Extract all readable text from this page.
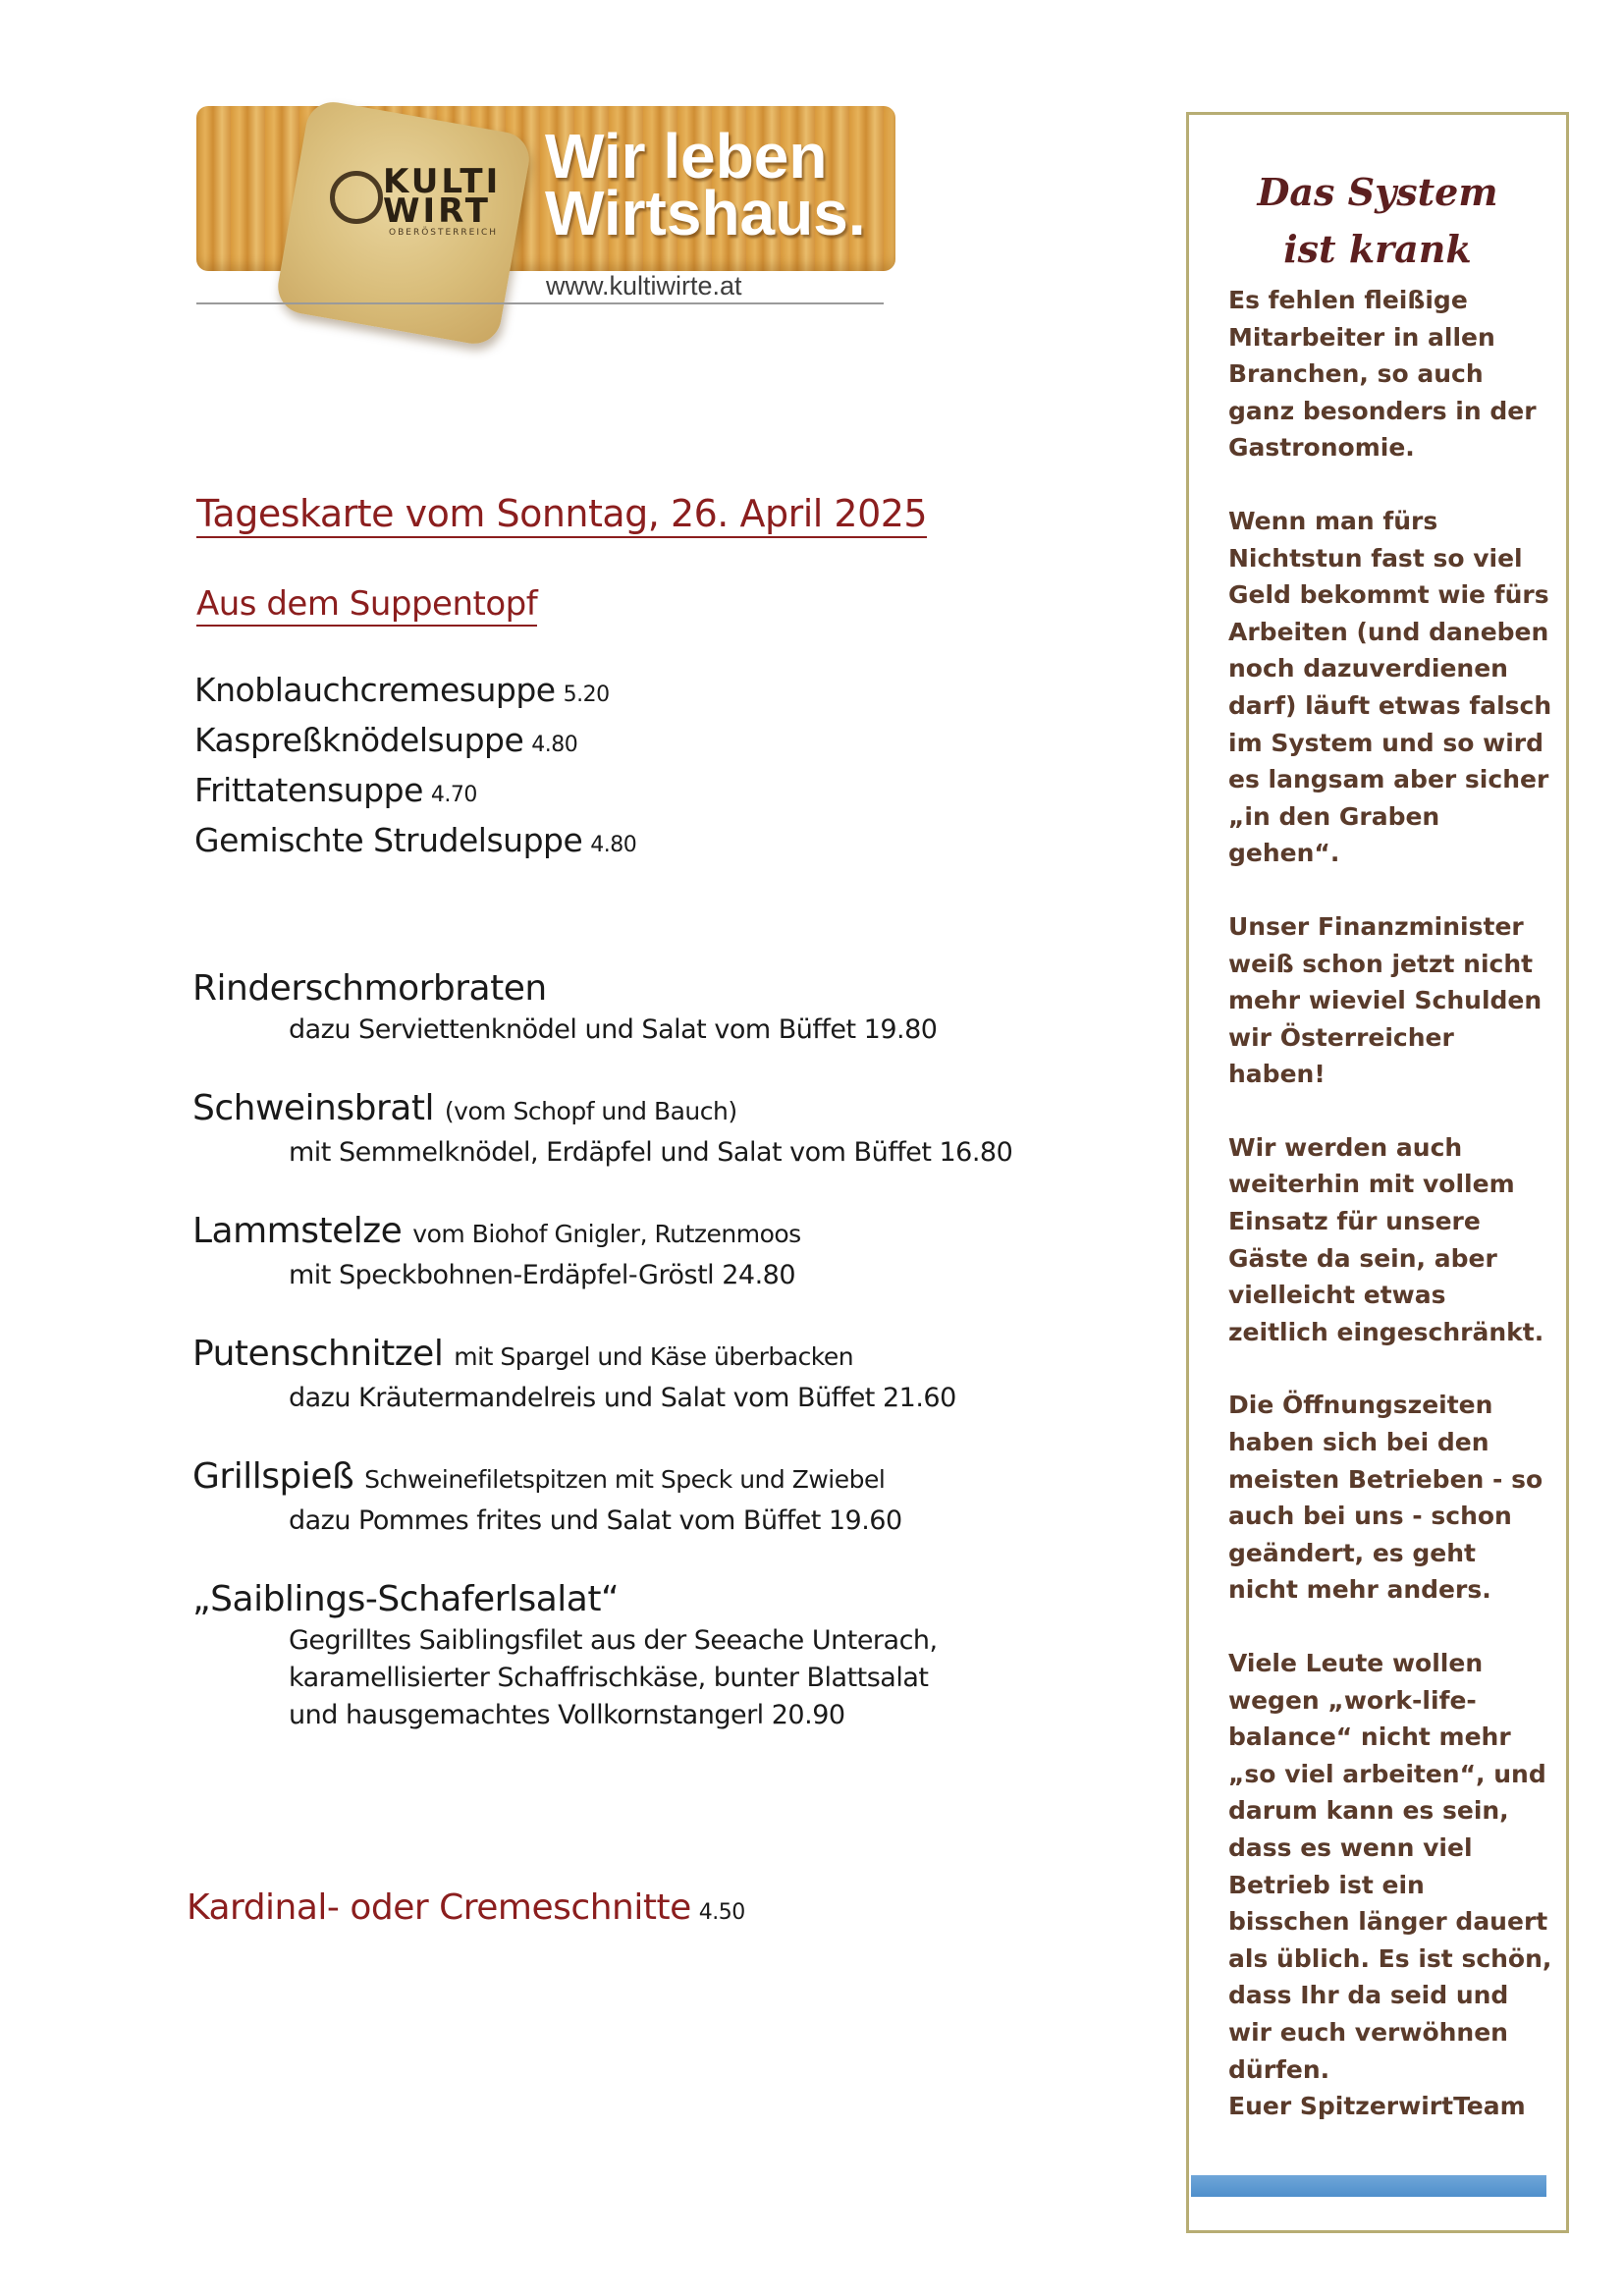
KULTI
WIRT
OBERÖSTERREICH
Wir leben
Wirtshaus.
www.kultiwirte.at
Tageskarte vom Sonntag, 26. April 2025
Aus dem Suppentopf
Knoblauchcremesuppe 5.20
Kaspreßknödelsuppe 4.80
Frittatensuppe 4.70
Gemischte Strudelsuppe 4.80
Rinderschmorbraten
dazu Serviettenknödel und Salat vom Büffet 19.80
Schweinsbratl (vom Schopf und Bauch)
mit Semmelknödel, Erdäpfel und Salat vom Büffet 16.80
Lammstelze vom Biohof Gnigler, Rutzenmoos
mit Speckbohnen-Erdäpfel-Gröstl 24.80
Putenschnitzel mit Spargel und Käse überbacken
dazu Kräutermandelreis und Salat vom Büffet 21.60
Grillspieß Schweinefiletspitzen mit Speck und Zwiebel
dazu Pommes frites und Salat vom Büffet 19.60
„Saiblings-Schaferlsalat“
Gegrilltes Saiblingsfilet aus der Seeache Unterach,
karamellisierter Schaffrischkäse, bunter Blattsalat
und hausgemachtes Vollkornstangerl 20.90
Kardinal- oder Cremeschnitte 4.50
Das System
ist krank

Es fehlen fleißige Mitarbeiter in allen Branchen, so auch ganz besonders in der Gastronomie.

Wenn man fürs Nichtstun fast so viel Geld bekommt wie fürs Arbeiten (und daneben noch dazuverdienen darf) läuft etwas falsch im System und so wird es langsam aber sicher „in den Graben gehen“.

Unser Finanzminister weiß schon jetzt nicht mehr wieviel Schulden wir Österreicher haben!

Wir werden auch weiterhin mit vollem Einsatz für unsere Gäste da sein, aber vielleicht etwas zeitlich eingeschränkt.

Die Öffnungszeiten haben sich bei den meisten Betrieben - so auch bei uns - schon geändert, es geht nicht mehr anders.

Viele Leute wollen wegen „work-life-balance“ nicht mehr „so viel arbeiten“, und darum kann es sein, dass es wenn viel Betrieb ist ein bisschen länger dauert als üblich. Es ist schön, dass Ihr da seid und wir euch verwöhnen dürfen.

Euer SpitzerwirtTeam
